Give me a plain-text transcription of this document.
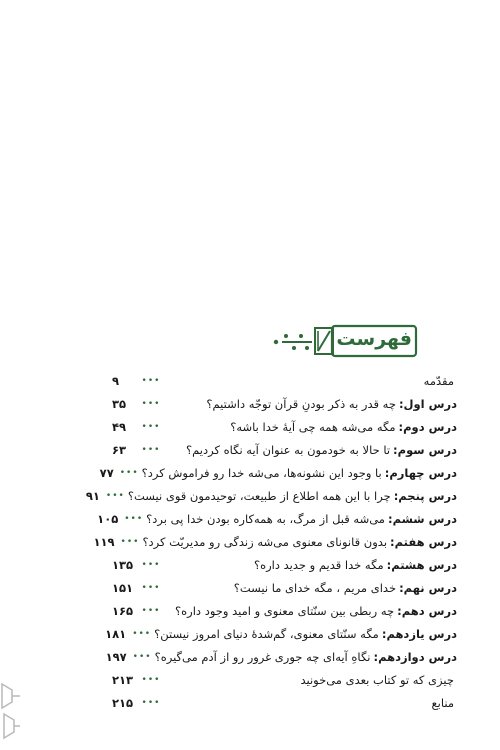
فهرست
مقدّمه
•••
۹
درس اول:چه قدر به ذکر بودنِ قرآن توجّه داشتیم؟
•••
۳۵
درس دوم:مگه می‌شه همه چی آیهٔ خدا باشه؟
•••
۴۹
درس سوم:تا حالا به خودمون به عنوان آیه نگاه کردیم؟
•••
۶۳
درس چهارم:با وجود این نشونه‌ها، می‌شه خدا رو فراموش کرد؟
•••
۷۷
درس پنجم:چرا با این همه اطلاع از طبیعت، توحیدمون قوی نیست؟
•••
۹۱
درس ششم:می‌شه قبل از مرگ، به همه‌کاره بودن خدا پی برد؟
•••
۱۰۵
درس هفتم:بدون قانونای معنوی می‌شه زندگی رو مدیریّت کرد؟
•••
۱۱۹
درس هشتم:مگه خدا قدیم و جدید داره؟
•••
۱۳۵
درس نهم:خدای مریم ، مگه خدای ما نیست؟
•••
۱۵۱
درس دهم:چه ربطی بین سنّتای معنوی و امید وجود داره؟
•••
۱۶۵
درس یازدهم:مگه سنّتای معنوی، گم‌شدهٔ دنیای امروز نیستن؟
•••
۱۸۱
درس دوازدهم:نگاهِ آیه‌ای چه جوری غرور رو از آدم می‌گیره؟
•••
۱۹۷
چیزی که تو کتاب بعدی می‌خونید
•••
۲۱۳
منابع
•••
۲۱۵
